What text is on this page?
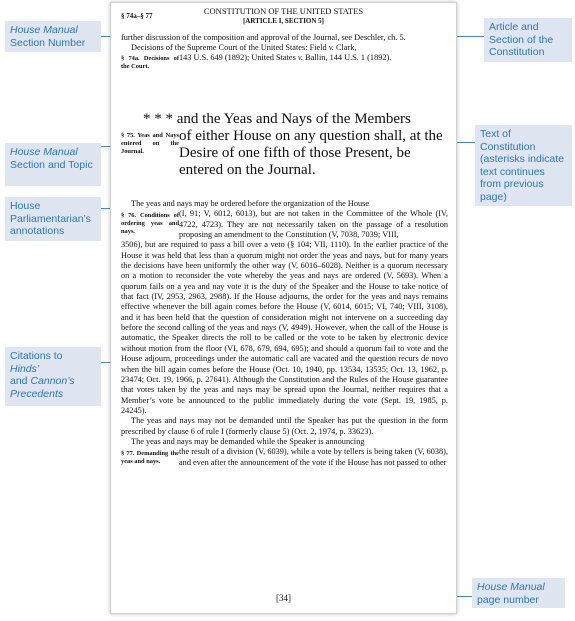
House Manual
Section Number
Article and Section of the Constitution
House Manual
Section and Topic
Text of Constitution (asterisks indicate text continues from previous page)
House Parliamentarian’s annotations
Citations to
Hinds’
and Cannon’s
Precedents
House Manual
page number
§ 74a–§ 77	CONSTITUTION OF THE UNITED STATES
[ARTICLE I, SECTION 5]
further discussion of the composition and approval of the Journal, see Deschler, ch. 5.
Decisions of the Supreme Court of the United States: Field v. Clark,
§ 74a. Decisions of the Court.
143 U.S. 649 (1892); United States v. Ballin, 144 U.S. 1 (1892).
* * * and the Yeas and Nays of the Members
§ 75. Yeas and Nays entered on the Journal.
of either House on any question shall, at the Desire of one fifth of those Present, be entered on the Journal.

The yeas and nays may be ordered before the organization of the House

§ 76. Conditions of ordering yeas and nays.
(I, 91; V, 6012, 6013), but are not taken in the Committee of the Whole (IV, 4722, 4723). They are not necessarily taken on the passage of a resolution proposing an amendment to the Constitution (V, 7038, 7039; VIII,

3506), but are required to pass a bill over a veto (§ 104; VII, 1110). In the earlier practice of the House it was held that less than a quorum might not order the yeas and nays, but for many years the decisions have been uniformly the other way (V, 6016–6028). Neither is a quorum necessary on a motion to reconsider the vote whereby the yeas and nays are ordered (V, 5693). When a quorum fails on a yea and nay vote it is the duty of the Speaker and the House to take notice of that fact (IV, 2953, 2963, 2988). If the House adjourns, the order for the yeas and nays remains effective whenever the bill again comes before the House (V, 6014, 6015; VI, 740; VIII, 3108), and it has been held that the question of consideration might not intervene on a succeeding day before the second calling of the yeas and nays (V, 4949). However, when the call of the House is automatic, the Speaker directs the roll to be called or the vote to be taken by electronic device without motion from the floor (VI, 678, 679, 694, 695); and should a quorum fail to vote and the House adjourn, proceedings under the automatic call are vacated and the question recurs de novo when the bill again comes before the House (Oct. 10, 1940, pp. 13534, 13535; Oct. 13, 1962, p. 23474; Oct. 19, 1966, p. 27641). Although the Constitution and the Rules of the House guarantee that votes taken by the yeas and nays may be spread upon the Journal, neither requires that a Member’s vote be announced to the public immediately during the vote (Sept. 19, 1985, p. 24245).

The yeas and nays may not be demanded until the Speaker has put the question in the form prescribed by clause 6 of rule I (formerly clause 5) (Oct. 2, 1974, p. 33623).

The yeas and nays may be demanded while the Speaker is announcing

§ 77. Demanding the yeas and nays.
the result of a division (V, 6039), while a vote by tellers is being taken (V, 6038), and even after the announcement of the vote if the House has not passed to other
[34]
